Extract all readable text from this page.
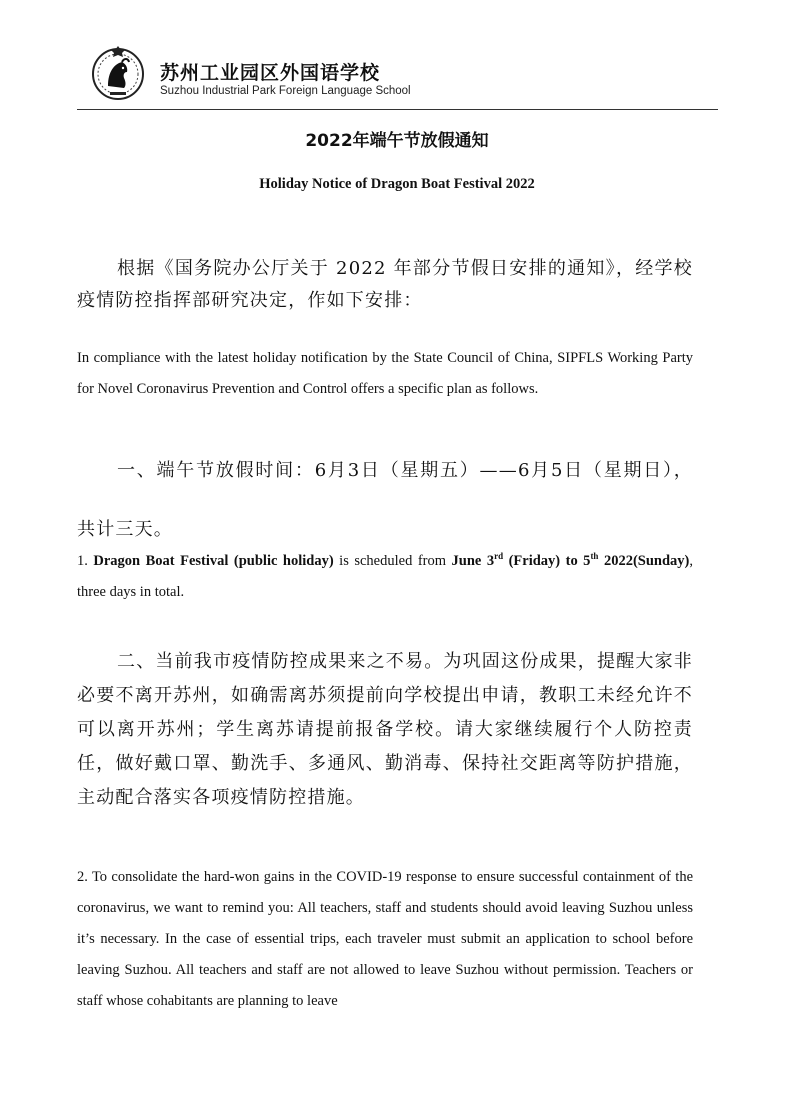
苏州工业园区外国语学校
Suzhou Industrial Park Foreign Language School
2022年端午节放假通知
Holiday Notice of Dragon Boat Festival 2022

根据《国务院办公厅关于 2022 年部分节假日安排的通知》，经学校疫情防控指挥部研究决定，作如下安排：

In compliance with the latest holiday notification by the State Council of China, SIPFLS Working Party for Novel Coronavirus Prevention and Control offers a specific plan as follows.

一、端午节放假时间：6月3日（星期五）——6月5日（星期日），共计三天。

1. Dragon Boat Festival (public holiday) is scheduled from June 3rd (Friday) to 5th 2022(Sunday), three days in total.

二、当前我市疫情防控成果来之不易。为巩固这份成果，提醒大家非必要不离开苏州，如确需离苏须提前向学校提出申请，教职工未经允许不可以离开苏州；学生离苏请提前报备学校。请大家继续履行个人防控责任，做好戴口罩、勤洗手、多通风、勤消毒、保持社交距离等防护措施，主动配合落实各项疫情防控措施。

2. To consolidate the hard-won gains in the COVID-19 response to ensure successful containment of the coronavirus, we want to remind you: All teachers, staff and students should avoid leaving Suzhou unless it’s necessary. In the case of essential trips, each traveler must submit an application to school before leaving Suzhou. All teachers and staff are not allowed to leave Suzhou without permission. Teachers or staff whose cohabitants are planning to leave
